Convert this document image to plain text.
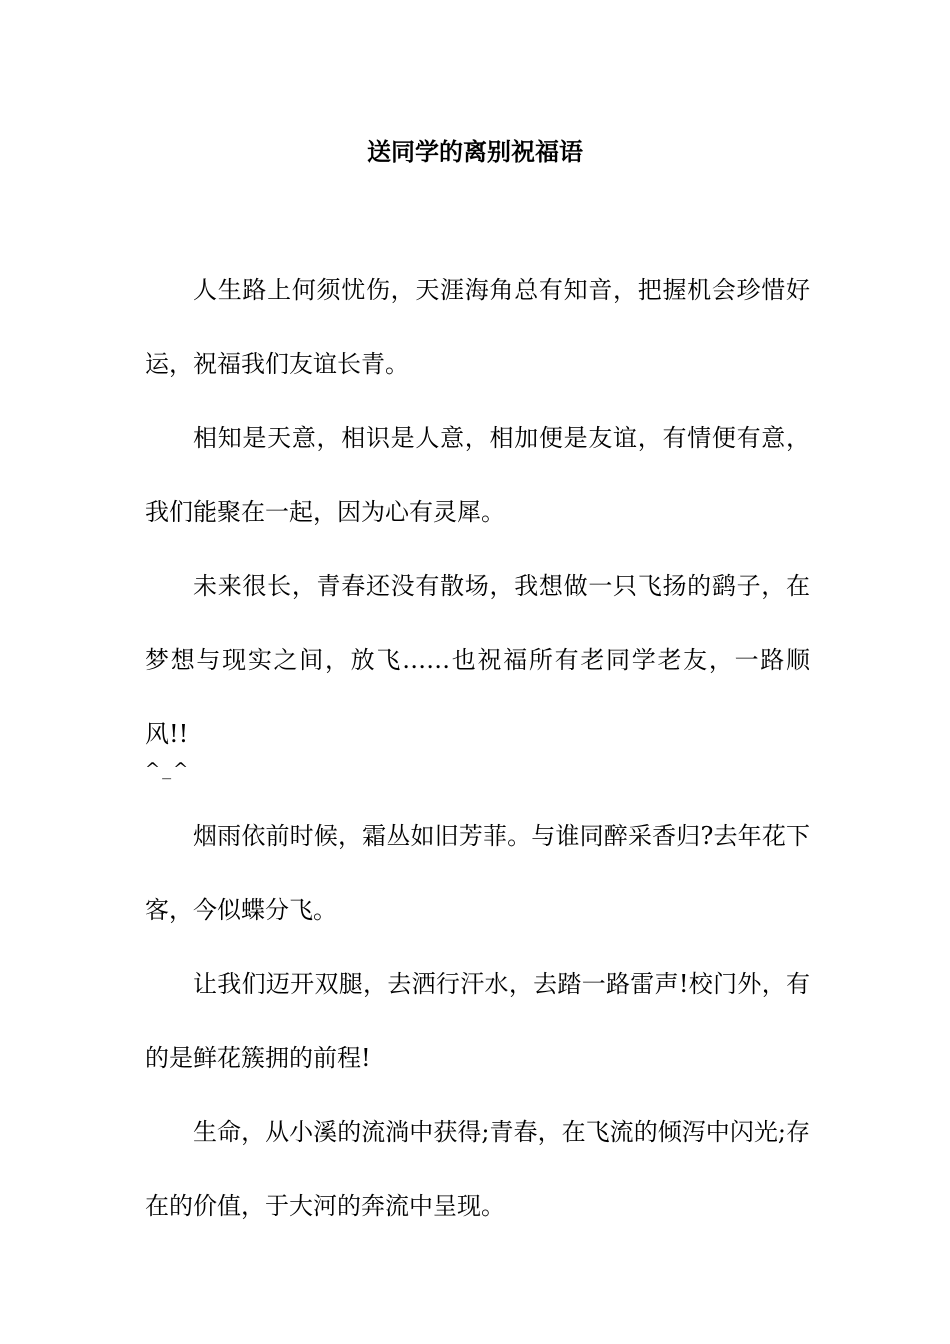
送同学的离别祝福语

人生路上何须忧伤，天涯海角总有知音，把握机会珍惜好运，祝福我们友谊长青。

相知是天意，相识是人意，相加便是友谊，有情便有意，我们能聚在一起，因为心有灵犀。

未来很长，青春还没有散场，我想做一只飞扬的鹞子，在梦想与现实之间，放飞……也祝福所有老同学老友，一路顺风!!

^_^

烟雨依前时候，霜丛如旧芳菲。与谁同醉采香归?去年花下客，今似蝶分飞。

让我们迈开双腿，去洒行汗水，去踏一路雷声!校门外，有的是鲜花簇拥的前程!

生命，从小溪的流淌中获得;青春，在飞流的倾泻中闪光;存在的价值，于大河的奔流中呈现。
